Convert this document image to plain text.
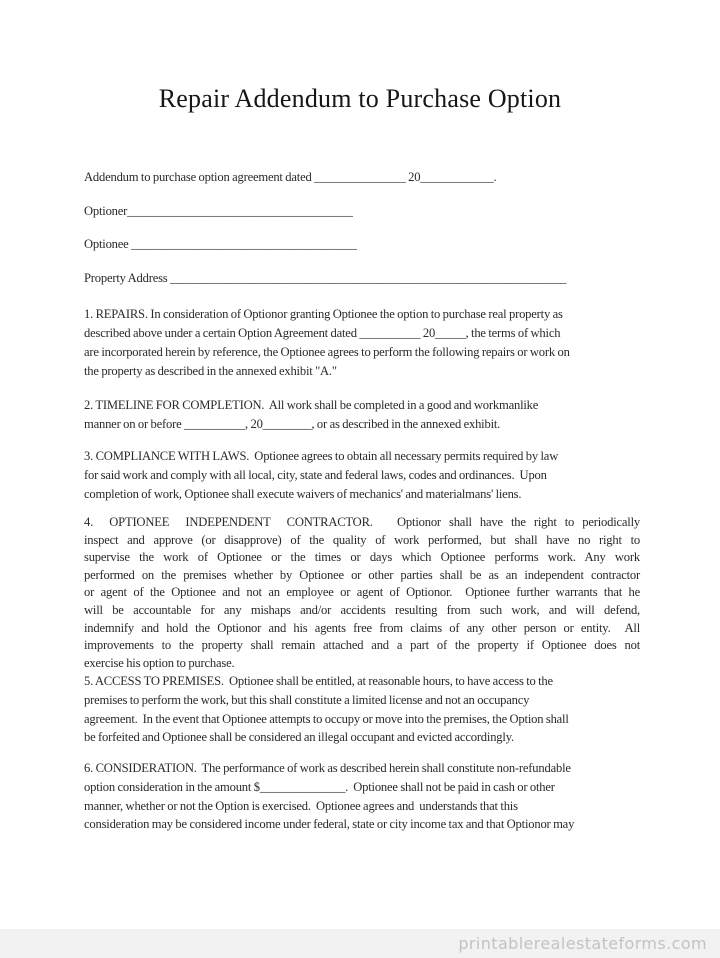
Repair Addendum to Purchase Option

Addendum to purchase option agreement dated _______________ 20____________.

Optioner_____________________________________

Optionee _____________________________________

Property Address _________________________________________________________________

1. REPAIRS. In consideration of Optionor granting Optionee the option to purchase real property as
described above under a certain Option Agreement dated __________ 20_____, the terms of which
are incorporated herein by reference, the Optionee agrees to perform the following repairs or work on
the property as described in the annexed exhibit "A."
2. TIMELINE FOR COMPLETION.  All work shall be completed in a good and workmanlike
manner on or before __________, 20________, or as described in the annexed exhibit.
3. COMPLIANCE WITH LAWS.  Optionee agrees to obtain all necessary permits required by law
for said work and comply with all local, city, state and federal laws, codes and ordinances.  Upon
completion of work, Optionee shall execute waivers of mechanics' and materialmans' liens.
4.  OPTIONEE  INDEPENDENT  CONTRACTOR.   Optionor shall have the right to periodically
inspect and approve (or disapprove) of the quality of work performed, but shall have no right to
supervise the work of Optionee or the times or days which Optionee performs work. Any work
performed on the premises whether by Optionee or other parties shall be as an independent contractor
or agent of the Optionee and not an employee or agent of Optionor.  Optionee further warrants that he
will be accountable for any mishaps and/or accidents resulting from such work, and will defend,
indemnify and hold the Optionor and his agents free from claims of any other person or entity.  All
improvements to the property shall remain attached and a part of the property if Optionee does not
exercise his option to purchase.
5. ACCESS TO PREMISES.  Optionee shall be entitled, at reasonable hours, to have access to the
premises to perform the work, but this shall constitute a limited license and not an occupancy
agreement.  In the event that Optionee attempts to occupy or move into the premises, the Option shall
be forfeited and Optionee shall be considered an illegal occupant and evicted accordingly.
6. CONSIDERATION.  The performance of work as described herein shall constitute non-refundable
option consideration in the amount $______________.  Optionee shall not be paid in cash or other
manner, whether or not the Option is exercised.  Optionee agrees and  understands that this
consideration may be considered income under federal, state or city income tax and that Optionor may
printablerealestateforms.com
